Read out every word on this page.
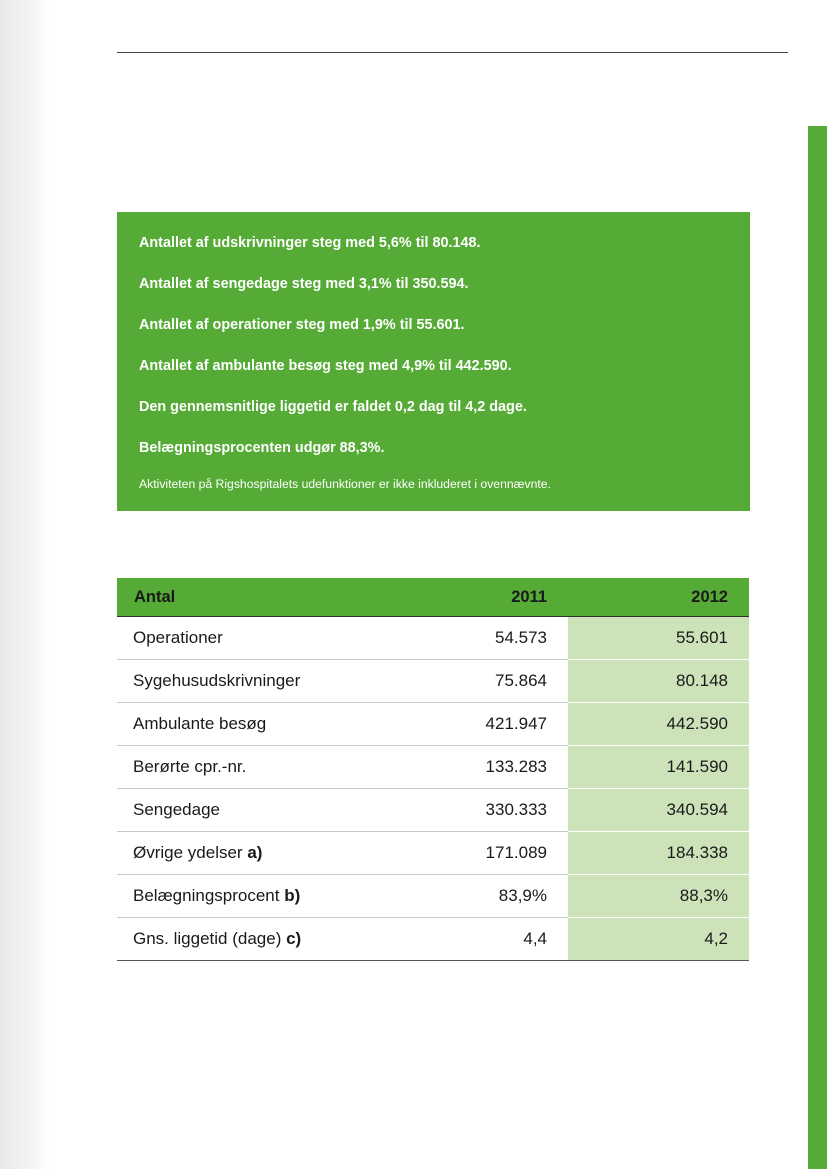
Antallet af udskrivninger steg med 5,6% til 80.148.
Antallet af sengedage steg med 3,1% til 350.594.
Antallet af operationer steg med 1,9% til 55.601.
Antallet af ambulante besøg steg med 4,9% til 442.590.
Den gennemsnitlige liggetid er faldet 0,2 dag til 4,2 dage.
Belægningsprocenten udgør 88,3%.
Aktiviteten på Rigshospitalets udefunktioner er ikke inkluderet i ovennævnte.
Antal	2011	2012
Operationer	54.573	55.601
Sygehusudskrivninger	75.864	80.148
Ambulante besøg	421.947	442.590
Berørte cpr.-nr.	133.283	141.590
Sengedage	330.333	340.594
Øvrige ydelser a)	171.089	184.338
Belægningsprocent b)	83,9%	88,3%
Gns. liggetid (dage) c)	4,4	4,2
